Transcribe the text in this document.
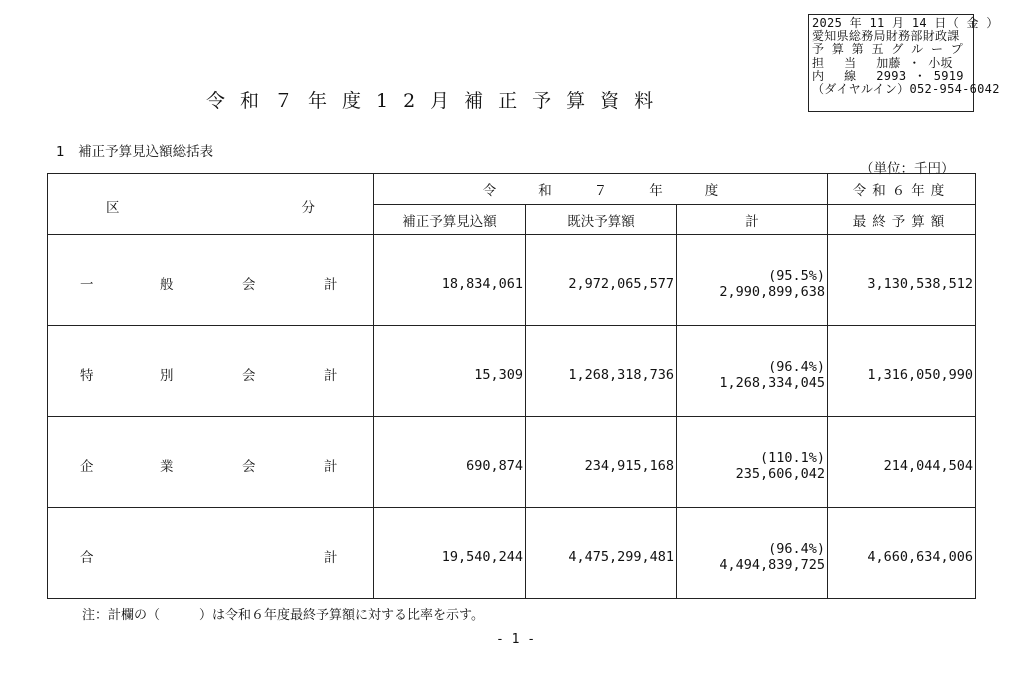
2025 年 11 月 14 日（ 金 ）
愛知県総務局財務部財政課
予 算 第 五 グ ル ー プ
担　 当　 加藤 ・ 小坂
内　 線　 2993 ・ 5919
（ダイヤルイン）052-954-6042
令和７年度12月補正予算資料
1　補正予算見込額総括表
（単位：千円）
区 分	令和７年度			令和６年度
	補正予算見込額	既決予算額	計	最終予算額

一 般 会 計	18,834,061	2,972,065,577	(95.5%)
2,990,899,638	3,130,538,512

特 別 会 計	15,309	1,268,318,736	(96.4%)
1,268,334,045	1,316,050,990

企 業 会 計	690,874	234,915,168	(110.1%)
235,606,042	214,044,504

合 計	19,540,244	4,475,299,481	(96.4%)
4,494,839,725	4,660,634,006
注：計欄の（　　　）は令和６年度最終予算額に対する比率を示す。
- 1 -
